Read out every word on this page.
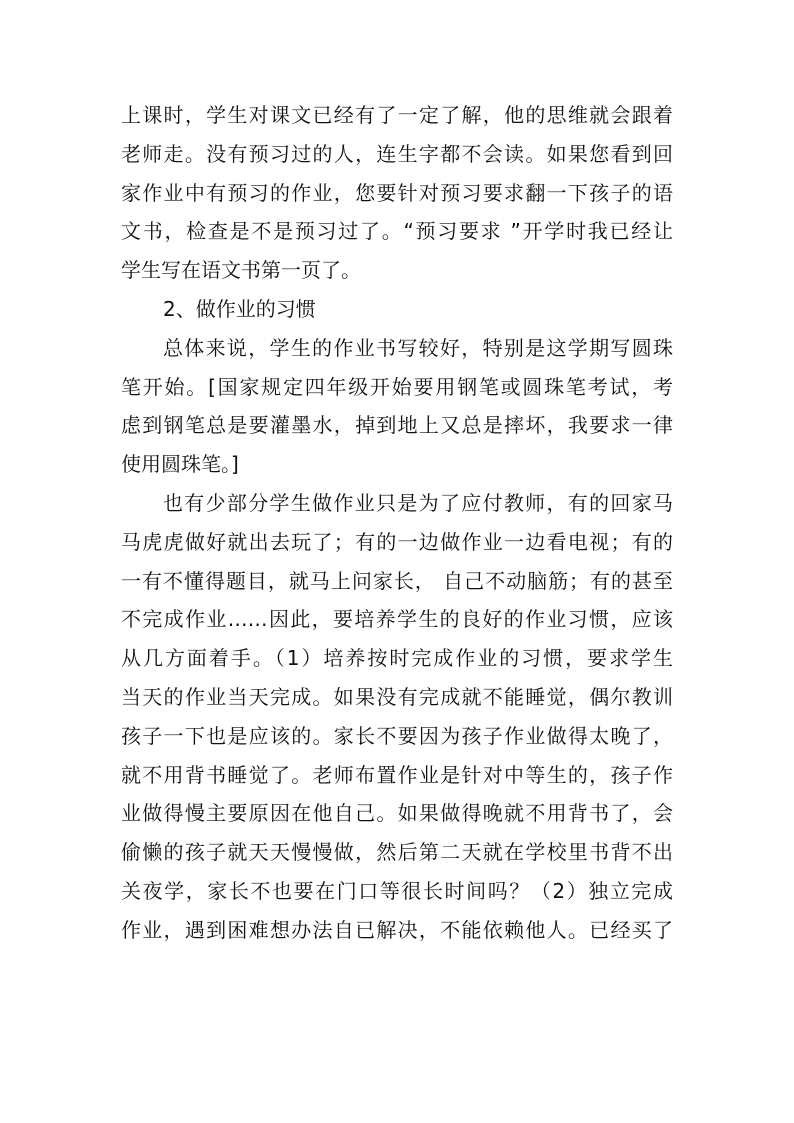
上课时，学生对课文已经有了一定了解，他的思维就会跟着
老师走。没有预习过的人，连生字都不会读。如果您看到回
家作业中有预习的作业，您要针对预习要求翻一下孩子的语
文书，检查是不是预习过了。“预习要求 ”开学时我已经让
学生写在语文书第一页了。
2、做作业的习惯
总体来说，学生的作业书写较好，特别是这学期写圆珠
笔开始。[国家规定四年级开始要用钢笔或圆珠笔考试，考
虑到钢笔总是要灌墨水，掉到地上又总是摔坏，我要求一律
使用圆珠笔。]
也有少部分学生做作业只是为了应付教师，有的回家马
马虎虎做好就出去玩了；有的一边做作业一边看电视；有的
一有不懂得题目，就马上问家长， 自己不动脑筋；有的甚至
不完成作业……因此，要培养学生的良好的作业习惯，应该
从几方面着手。（1）培养按时完成作业的习惯，要求学生
当天的作业当天完成。如果没有完成就不能睡觉，偶尔教训
孩子一下也是应该的。家长不要因为孩子作业做得太晚了，
就不用背书睡觉了。老师布置作业是针对中等生的，孩子作
业做得慢主要原因在他自己。如果做得晚就不用背书了，会
偷懒的孩子就天天慢慢做，然后第二天就在学校里书背不出
关夜学，家长不也要在门口等很长时间吗？（2）独立完成
作业，遇到困难想办法自已解决，不能依赖他人。已经买了
